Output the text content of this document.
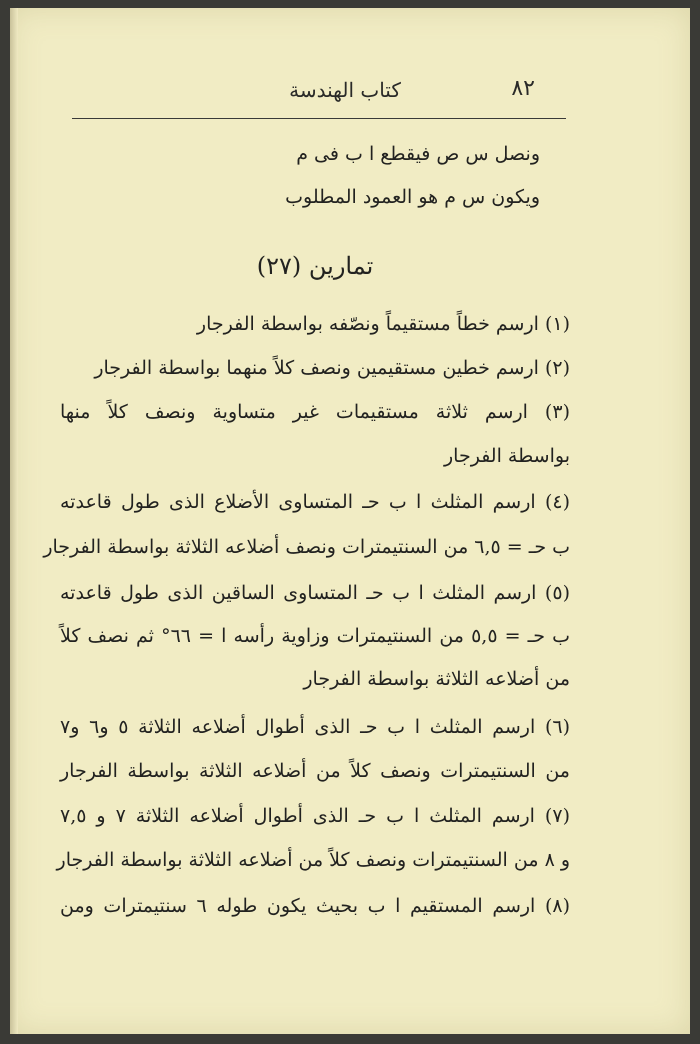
كتاب الهندسة	٨٢
ونصل س ص فيقطع ا ب فى م
ويكون س م هو العمود المطلوب
تمارين (٢٧)
(١) ارسم خطاً مستقيماً ونصّفه بواسطة الفرجار
(٢) ارسم خطين مستقيمين ونصف كلاً منهما بواسطة الفرجار
(٣) ارسم ثلاثة مستقيمات غير متساوية ونصف كلاً منها
بواسطة الفرجار
(٤) ارسم المثلث ا ب حـ المتساوى الأضلاع الذى طول قاعدته
ب حـ = ٦,٥ من السنتيمترات ونصف أضلاعه الثلاثة بواسطة الفرجار
(٥) ارسم المثلث ا ب حـ المتساوى الساقين الذى طول قاعدته
ب حـ = ٥,٥ من السنتيمترات وزاوية رأسه ا = ٦٦° ثم نصف كلاً
من أضلاعه الثلاثة بواسطة الفرجار
(٦) ارسم المثلث ا ب حـ الذى أطوال أضلاعه الثلاثة ٥ و٦ و٧
من السنتيمترات ونصف كلاً من أضلاعه الثلاثة بواسطة الفرجار
(٧) ارسم المثلث ا ب حـ الذى أطوال أضلاعه الثلاثة ٧ و ٧,٥
و ٨ من السنتيمترات ونصف كلاً من أضلاعه الثلاثة بواسطة الفرجار
(٨) ارسم المستقيم ا ب بحيث يكون طوله ٦ سنتيمترات ومن
